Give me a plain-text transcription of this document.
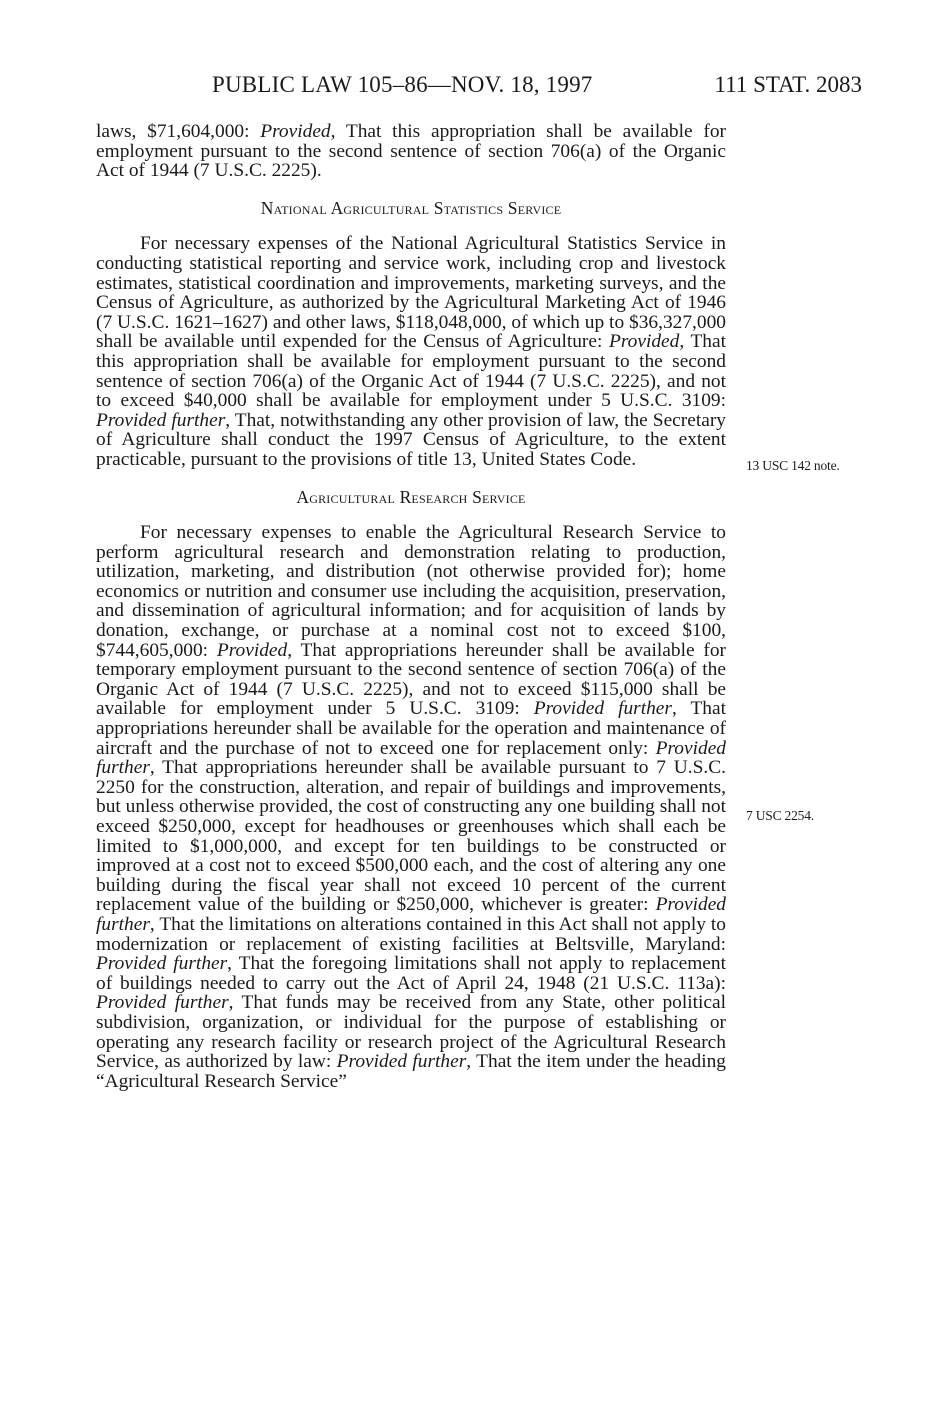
PUBLIC LAW 105–86—NOV. 18, 1997	111 STAT. 2083

laws, $71,604,000: Provided, That this appropriation shall be available for employment pursuant to the second sentence of section 706(a) of the Organic Act of 1944 (7 U.S.C. 2225).

National Agricultural Statistics Service

For necessary expenses of the National Agricultural Statistics Service in conducting statistical reporting and service work, including crop and livestock estimates, statistical coordination and improvements, marketing surveys, and the Census of Agriculture, as authorized by the Agricultural Marketing Act of 1946 (7 U.S.C. 1621–1627) and other laws, $118,048,000, of which up to $36,327,000 shall be available until expended for the Census of Agriculture: Provided, That this appropriation shall be available for employment pursuant to the second sentence of section 706(a) of the Organic Act of 1944 (7 U.S.C. 2225), and not to exceed $40,000 shall be available for employment under 5 U.S.C. 3109: Provided further, That, notwithstanding any other provision of law, the Secretary of Agriculture shall conduct the 1997 Census of Agriculture, to the extent practicable, pursuant to the provisions of title 13, United States Code.

Agricultural Research Service

For necessary expenses to enable the Agricultural Research Service to perform agricultural research and demonstration relating to production, utilization, marketing, and distribution (not otherwise provided for); home economics or nutrition and consumer use including the acquisition, preservation, and dissemination of agricultural information; and for acquisition of lands by donation, exchange, or purchase at a nominal cost not to exceed $100, $744,605,000: Provided, That appropriations hereunder shall be available for temporary employment pursuant to the second sentence of section 706(a) of the Organic Act of 1944 (7 U.S.C. 2225), and not to exceed $115,000 shall be available for employment under 5 U.S.C. 3109: Provided further, That appropriations hereunder shall be available for the operation and maintenance of aircraft and the purchase of not to exceed one for replacement only: Provided further, That appropriations hereunder shall be available pursuant to 7 U.S.C. 2250 for the construction, alteration, and repair of buildings and improvements, but unless otherwise provided, the cost of constructing any one building shall not exceed $250,000, except for headhouses or greenhouses which shall each be limited to $1,000,000, and except for ten buildings to be constructed or improved at a cost not to exceed $500,000 each, and the cost of altering any one building during the fiscal year shall not exceed 10 percent of the current replacement value of the building or $250,000, whichever is greater: Provided further, That the limitations on alterations contained in this Act shall not apply to modernization or replacement of existing facilities at Beltsville, Maryland: Provided further, That the foregoing limitations shall not apply to replacement of buildings needed to carry out the Act of April 24, 1948 (21 U.S.C. 113a): Provided further, That funds may be received from any State, other political subdivision, organization, or individual for the purpose of establishing or operating any research facility or research project of the Agricultural Research Service, as authorized by law: Provided further, That the item under the heading “Agricultural Research Service”

13 USC 142 note.
7 USC 2254.
